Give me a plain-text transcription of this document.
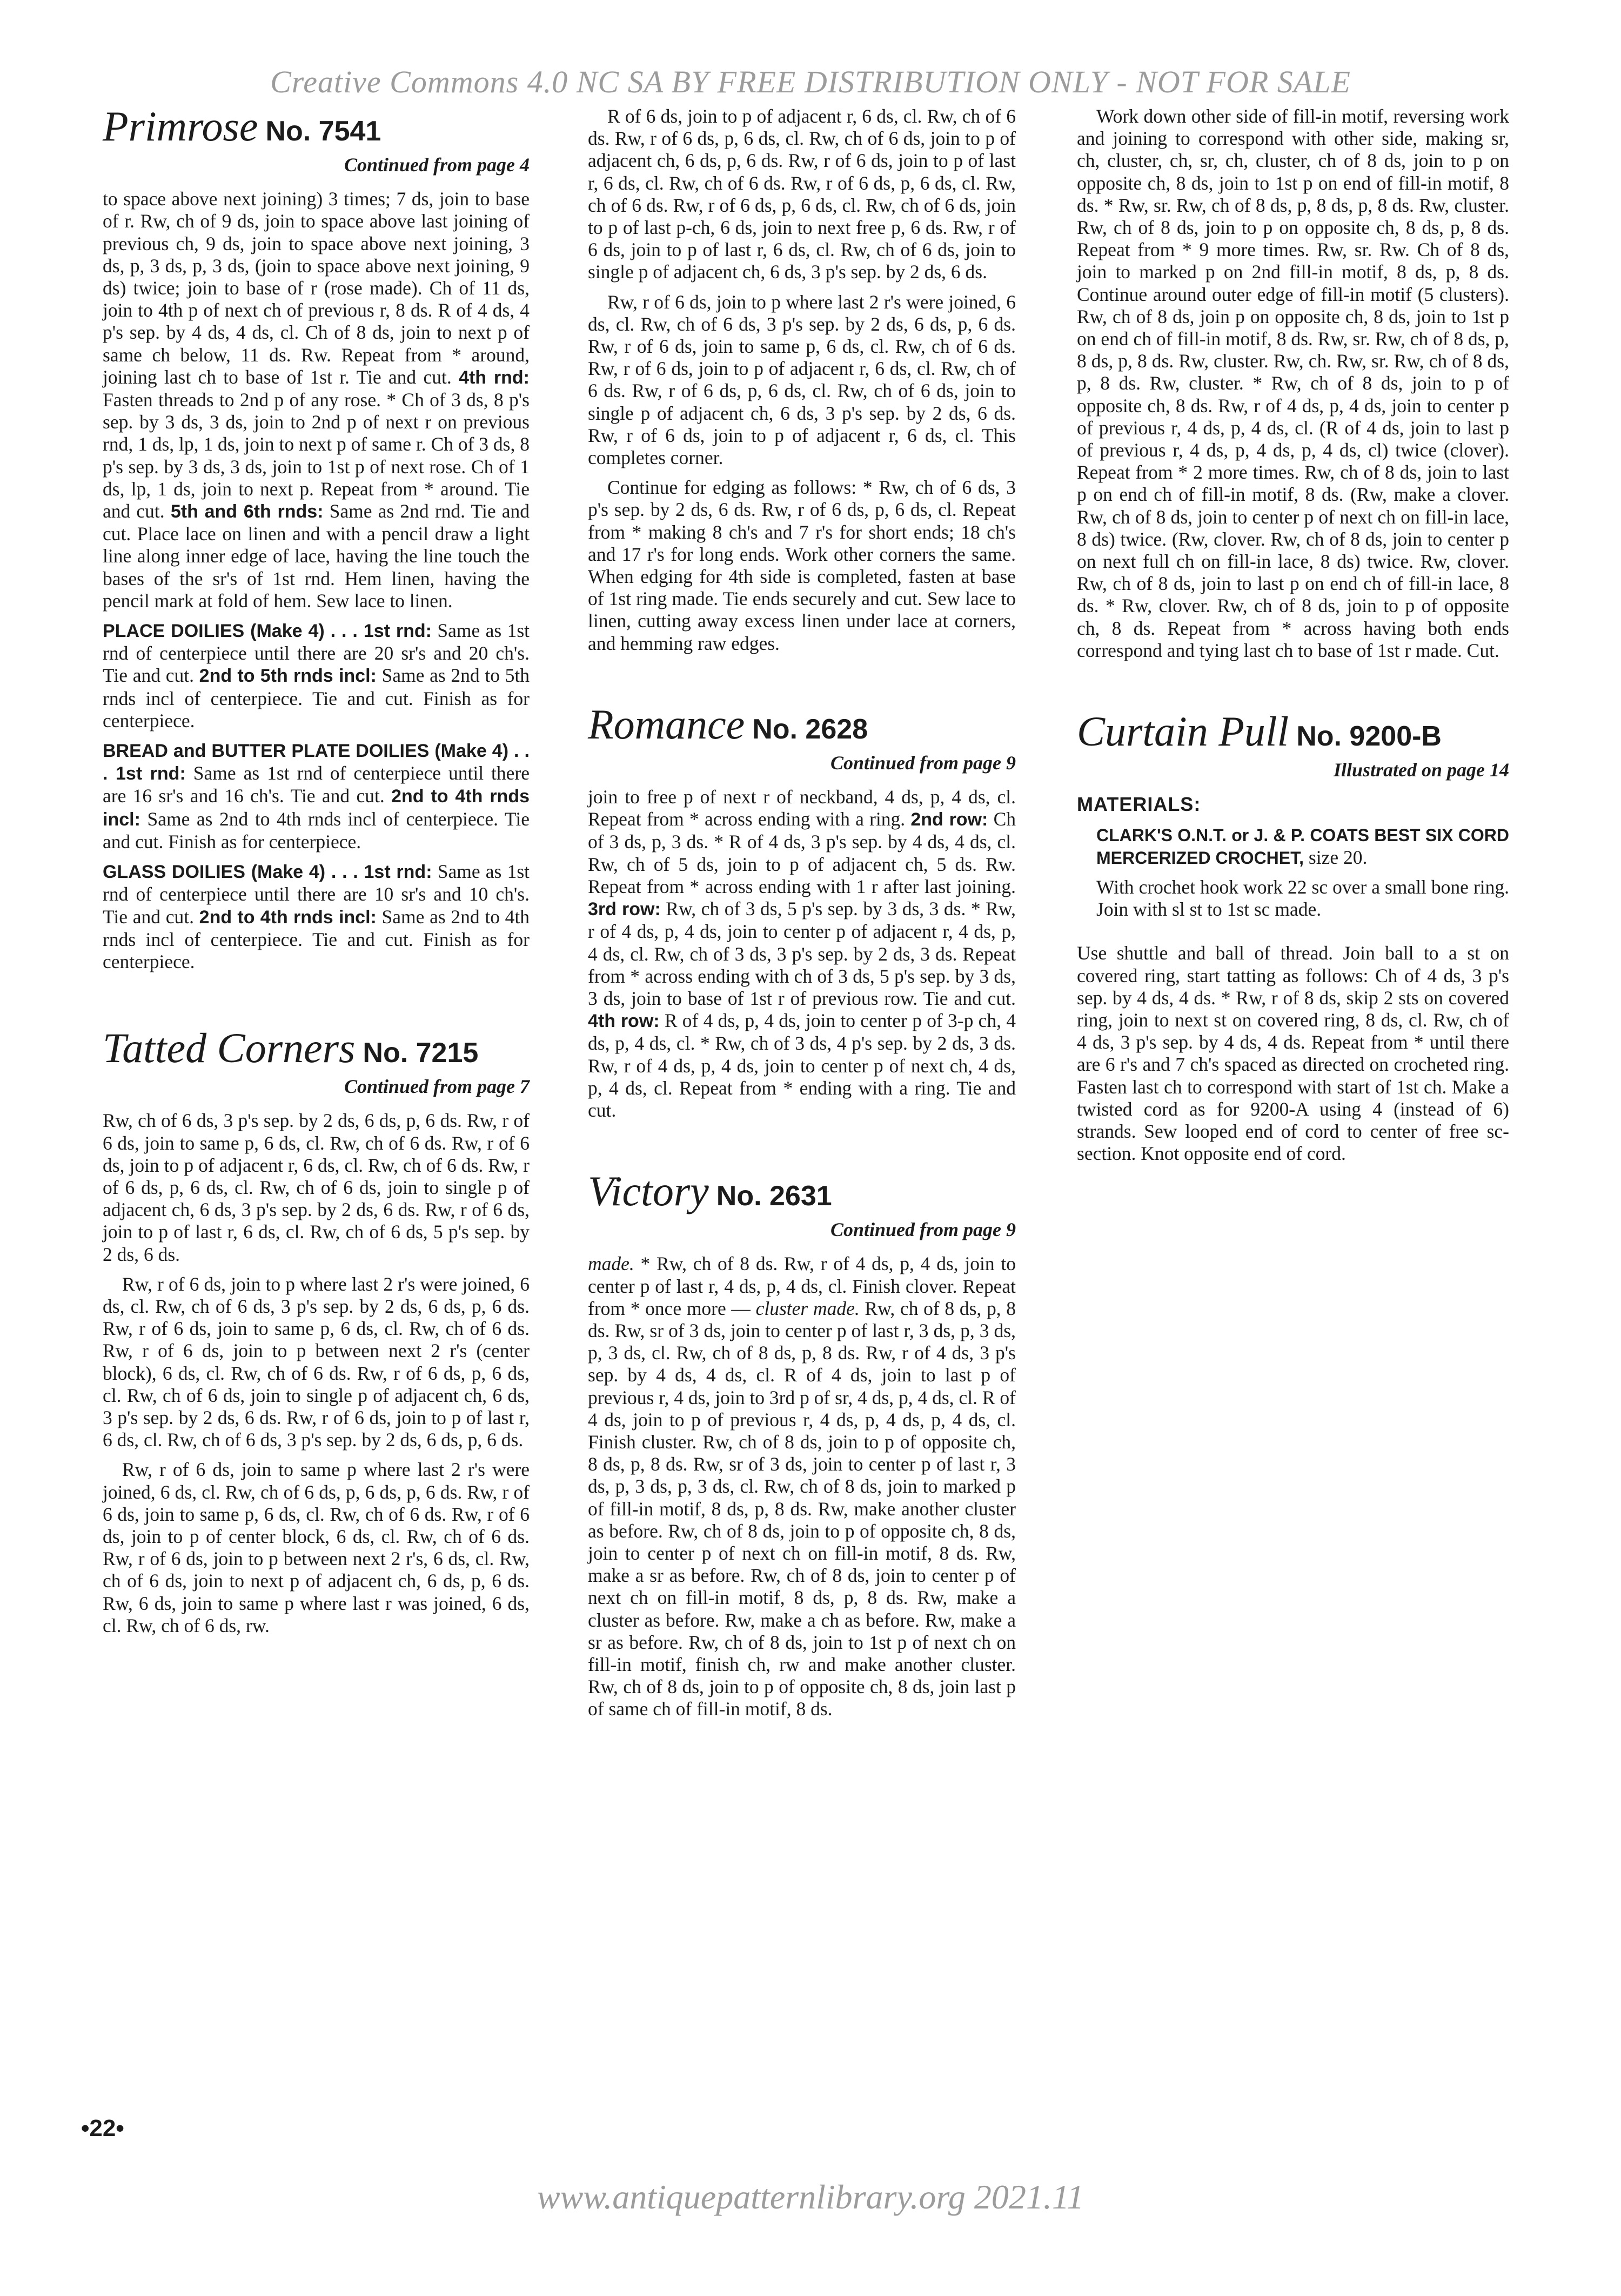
Creative Commons 4.0 NC SA BY FREE DISTRIBUTION ONLY - NOT FOR SALE
Primrose No. 7541
Continued from page 4

to space above next joining) 3 times; 7 ds, join to base of r. Rw, ch of 9 ds, join to space above last joining of previous ch, 9 ds, join to space above next joining, 3 ds, p, 3 ds, p, 3 ds, (join to space above next joining, 9 ds) twice; join to base of r (rose made). Ch of 11 ds, join to 4th p of next ch of previous r, 8 ds. R of 4 ds, 4 p's sep. by 4 ds, 4 ds, cl. Ch of 8 ds, join to next p of same ch below, 11 ds. Rw. Repeat from * around, joining last ch to base of 1st r. Tie and cut. 4th rnd: Fasten threads to 2nd p of any rose. * Ch of 3 ds, 8 p's sep. by 3 ds, 3 ds, join to 2nd p of next r on previous rnd, 1 ds, lp, 1 ds, join to next p of same r. Ch of 3 ds, 8 p's sep. by 3 ds, 3 ds, join to 1st p of next rose. Ch of 1 ds, lp, 1 ds, join to next p. Repeat from * around. Tie and cut. 5th and 6th rnds: Same as 2nd rnd. Tie and cut. Place lace on linen and with a pencil draw a light line along inner edge of lace, having the line touch the bases of the sr's of 1st rnd. Hem linen, having the pencil mark at fold of hem. Sew lace to linen.

PLACE DOILIES (Make 4) . . . 1st rnd: Same as 1st rnd of centerpiece until there are 20 sr's and 20 ch's. Tie and cut. 2nd to 5th rnds incl: Same as 2nd to 5th rnds incl of centerpiece. Tie and cut. Finish as for centerpiece.

BREAD and BUTTER PLATE DOILIES (Make 4) . . . 1st rnd: Same as 1st rnd of centerpiece until there are 16 sr's and 16 ch's. Tie and cut. 2nd to 4th rnds incl: Same as 2nd to 4th rnds incl of centerpiece. Tie and cut. Finish as for centerpiece.

GLASS DOILIES (Make 4) . . . 1st rnd: Same as 1st rnd of centerpiece until there are 10 sr's and 10 ch's. Tie and cut. 2nd to 4th rnds incl: Same as 2nd to 4th rnds incl of centerpiece. Tie and cut. Finish as for centerpiece.

Tatted Corners No. 7215
Continued from page 7

Rw, ch of 6 ds, 3 p's sep. by 2 ds, 6 ds, p, 6 ds. Rw, r of 6 ds, join to same p, 6 ds, cl. Rw, ch of 6 ds. Rw, r of 6 ds, join to p of adjacent r, 6 ds, cl. Rw, ch of 6 ds. Rw, r of 6 ds, p, 6 ds, cl. Rw, ch of 6 ds, join to single p of adjacent ch, 6 ds, 3 p's sep. by 2 ds, 6 ds. Rw, r of 6 ds, join to p of last r, 6 ds, cl. Rw, ch of 6 ds, 5 p's sep. by 2 ds, 6 ds.

Rw, r of 6 ds, join to p where last 2 r's were joined, 6 ds, cl. Rw, ch of 6 ds, 3 p's sep. by 2 ds, 6 ds, p, 6 ds. Rw, r of 6 ds, join to same p, 6 ds, cl. Rw, ch of 6 ds. Rw, r of 6 ds, join to p between next 2 r's (center block), 6 ds, cl. Rw, ch of 6 ds. Rw, r of 6 ds, p, 6 ds, cl. Rw, ch of 6 ds, join to single p of adjacent ch, 6 ds, 3 p's sep. by 2 ds, 6 ds. Rw, r of 6 ds, join to p of last r, 6 ds, cl. Rw, ch of 6 ds, 3 p's sep. by 2 ds, 6 ds, p, 6 ds.

Rw, r of 6 ds, join to same p where last 2 r's were joined, 6 ds, cl. Rw, ch of 6 ds, p, 6 ds, p, 6 ds. Rw, r of 6 ds, join to same p, 6 ds, cl. Rw, ch of 6 ds. Rw, r of 6 ds, join to p of center block, 6 ds, cl. Rw, ch of 6 ds. Rw, r of 6 ds, join to p between next 2 r's, 6 ds, cl. Rw, ch of 6 ds, join to next p of adjacent ch, 6 ds, p, 6 ds. Rw, 6 ds, join to same p where last r was joined, 6 ds, cl. Rw, ch of 6 ds, rw.

R of 6 ds, join to p of adjacent r, 6 ds, cl. Rw, ch of 6 ds. Rw, r of 6 ds, p, 6 ds, cl. Rw, ch of 6 ds, join to p of adjacent ch, 6 ds, p, 6 ds. Rw, r of 6 ds, join to p of last r, 6 ds, cl. Rw, ch of 6 ds. Rw, r of 6 ds, p, 6 ds, cl. Rw, ch of 6 ds. Rw, r of 6 ds, p, 6 ds, cl. Rw, ch of 6 ds, join to p of last p-ch, 6 ds, join to next free p, 6 ds. Rw, r of 6 ds, join to p of last r, 6 ds, cl. Rw, ch of 6 ds, join to single p of adjacent ch, 6 ds, 3 p's sep. by 2 ds, 6 ds.

Rw, r of 6 ds, join to p where last 2 r's were joined, 6 ds, cl. Rw, ch of 6 ds, 3 p's sep. by 2 ds, 6 ds, p, 6 ds. Rw, r of 6 ds, join to same p, 6 ds, cl. Rw, ch of 6 ds. Rw, r of 6 ds, join to p of adjacent r, 6 ds, cl. Rw, ch of 6 ds. Rw, r of 6 ds, p, 6 ds, cl. Rw, ch of 6 ds, join to single p of adjacent ch, 6 ds, 3 p's sep. by 2 ds, 6 ds. Rw, r of 6 ds, join to p of adjacent r, 6 ds, cl. This completes corner.

Continue for edging as follows: * Rw, ch of 6 ds, 3 p's sep. by 2 ds, 6 ds. Rw, r of 6 ds, p, 6 ds, cl. Repeat from * making 8 ch's and 7 r's for short ends; 18 ch's and 17 r's for long ends. Work other corners the same. When edging for 4th side is completed, fasten at base of 1st ring made. Tie ends securely and cut. Sew lace to linen, cutting away excess linen under lace at corners, and hemming raw edges.

Romance No. 2628
Continued from page 9

join to free p of next r of neckband, 4 ds, p, 4 ds, cl. Repeat from * across ending with a ring. 2nd row: Ch of 3 ds, p, 3 ds. * R of 4 ds, 3 p's sep. by 4 ds, 4 ds, cl. Rw, ch of 5 ds, join to p of adjacent ch, 5 ds. Rw. Repeat from * across ending with 1 r after last joining. 3rd row: Rw, ch of 3 ds, 5 p's sep. by 3 ds, 3 ds. * Rw, r of 4 ds, p, 4 ds, join to center p of adjacent r, 4 ds, p, 4 ds, cl. Rw, ch of 3 ds, 3 p's sep. by 2 ds, 3 ds. Repeat from * across ending with ch of 3 ds, 5 p's sep. by 3 ds, 3 ds, join to base of 1st r of previous row. Tie and cut. 4th row: R of 4 ds, p, 4 ds, join to center p of 3-p ch, 4 ds, p, 4 ds, cl. * Rw, ch of 3 ds, 4 p's sep. by 2 ds, 3 ds. Rw, r of 4 ds, p, 4 ds, join to center p of next ch, 4 ds, p, 4 ds, cl. Repeat from * ending with a ring. Tie and cut.

Victory No. 2631
Continued from page 9

made. * Rw, ch of 8 ds. Rw, r of 4 ds, p, 4 ds, join to center p of last r, 4 ds, p, 4 ds, cl. Finish clover. Repeat from * once more — cluster made. Rw, ch of 8 ds, p, 8 ds. Rw, sr of 3 ds, join to center p of last r, 3 ds, p, 3 ds, p, 3 ds, cl. Rw, ch of 8 ds, p, 8 ds. Rw, r of 4 ds, 3 p's sep. by 4 ds, 4 ds, cl. R of 4 ds, join to last p of previous r, 4 ds, join to 3rd p of sr, 4 ds, p, 4 ds, cl. R of 4 ds, join to p of previous r, 4 ds, p, 4 ds, p, 4 ds, cl. Finish cluster. Rw, ch of 8 ds, join to p of opposite ch, 8 ds, p, 8 ds. Rw, sr of 3 ds, join to center p of last r, 3 ds, p, 3 ds, p, 3 ds, cl. Rw, ch of 8 ds, join to marked p of fill-in motif, 8 ds, p, 8 ds. Rw, make another cluster as before. Rw, ch of 8 ds, join to p of opposite ch, 8 ds, join to center p of next ch on fill-in motif, 8 ds. Rw, make a sr as before. Rw, ch of 8 ds, join to center p of next ch on fill-in motif, 8 ds, p, 8 ds. Rw, make a cluster as before. Rw, make a ch as before. Rw, make a sr as before. Rw, ch of 8 ds, join to 1st p of next ch on fill-in motif, finish ch, rw and make another cluster. Rw, ch of 8 ds, join to p of opposite ch, 8 ds, join last p of same ch of fill-in motif, 8 ds.

Work down other side of fill-in motif, reversing work and joining to correspond with other side, making sr, ch, cluster, ch, sr, ch, cluster, ch of 8 ds, join to p on opposite ch, 8 ds, join to 1st p on end of fill-in motif, 8 ds. * Rw, sr. Rw, ch of 8 ds, p, 8 ds, p, 8 ds. Rw, cluster. Rw, ch of 8 ds, join to p on opposite ch, 8 ds, p, 8 ds. Repeat from * 9 more times. Rw, sr. Rw. Ch of 8 ds, join to marked p on 2nd fill-in motif, 8 ds, p, 8 ds. Continue around outer edge of fill-in motif (5 clusters). Rw, ch of 8 ds, join p on opposite ch, 8 ds, join to 1st p on end ch of fill-in motif, 8 ds. Rw, sr. Rw, ch of 8 ds, p, 8 ds, p, 8 ds. Rw, cluster. Rw, ch. Rw, sr. Rw, ch of 8 ds, p, 8 ds. Rw, cluster. * Rw, ch of 8 ds, join to p of opposite ch, 8 ds. Rw, r of 4 ds, p, 4 ds, join to center p of previous r, 4 ds, p, 4 ds, cl. (R of 4 ds, join to last p of previous r, 4 ds, p, 4 ds, p, 4 ds, cl) twice (clover). Repeat from * 2 more times. Rw, ch of 8 ds, join to last p on end ch of fill-in motif, 8 ds. (Rw, make a clover. Rw, ch of 8 ds, join to center p of next ch on fill-in lace, 8 ds) twice. (Rw, clover. Rw, ch of 8 ds, join to center p on next full ch on fill-in lace, 8 ds) twice. Rw, clover. Rw, ch of 8 ds, join to last p on end ch of fill-in lace, 8 ds. * Rw, clover. Rw, ch of 8 ds, join to p of opposite ch, 8 ds. Repeat from * across having both ends correspond and tying last ch to base of 1st r made. Cut.

Curtain Pull No. 9200-B
Illustrated on page 14
MATERIALS:

CLARK'S O.N.T. or J. & P. COATS BEST SIX CORD MERCERIZED CROCHET, size 20.

With crochet hook work 22 sc over a small bone ring. Join with sl st to 1st sc made.

Use shuttle and ball of thread. Join ball to a st on covered ring, start tatting as follows: Ch of 4 ds, 3 p's sep. by 4 ds, 4 ds. * Rw, r of 8 ds, skip 2 sts on covered ring, join to next st on covered ring, 8 ds, cl. Rw, ch of 4 ds, 3 p's sep. by 4 ds, 4 ds. Repeat from * until there are 6 r's and 7 ch's spaced as directed on crocheted ring. Fasten last ch to correspond with start of 1st ch. Make a twisted cord as for 9200-A using 4 (instead of 6) strands. Sew looped end of cord to center of free sc-section. Knot opposite end of cord.

•22•
www.antiquepatternlibrary.org 2021.11
